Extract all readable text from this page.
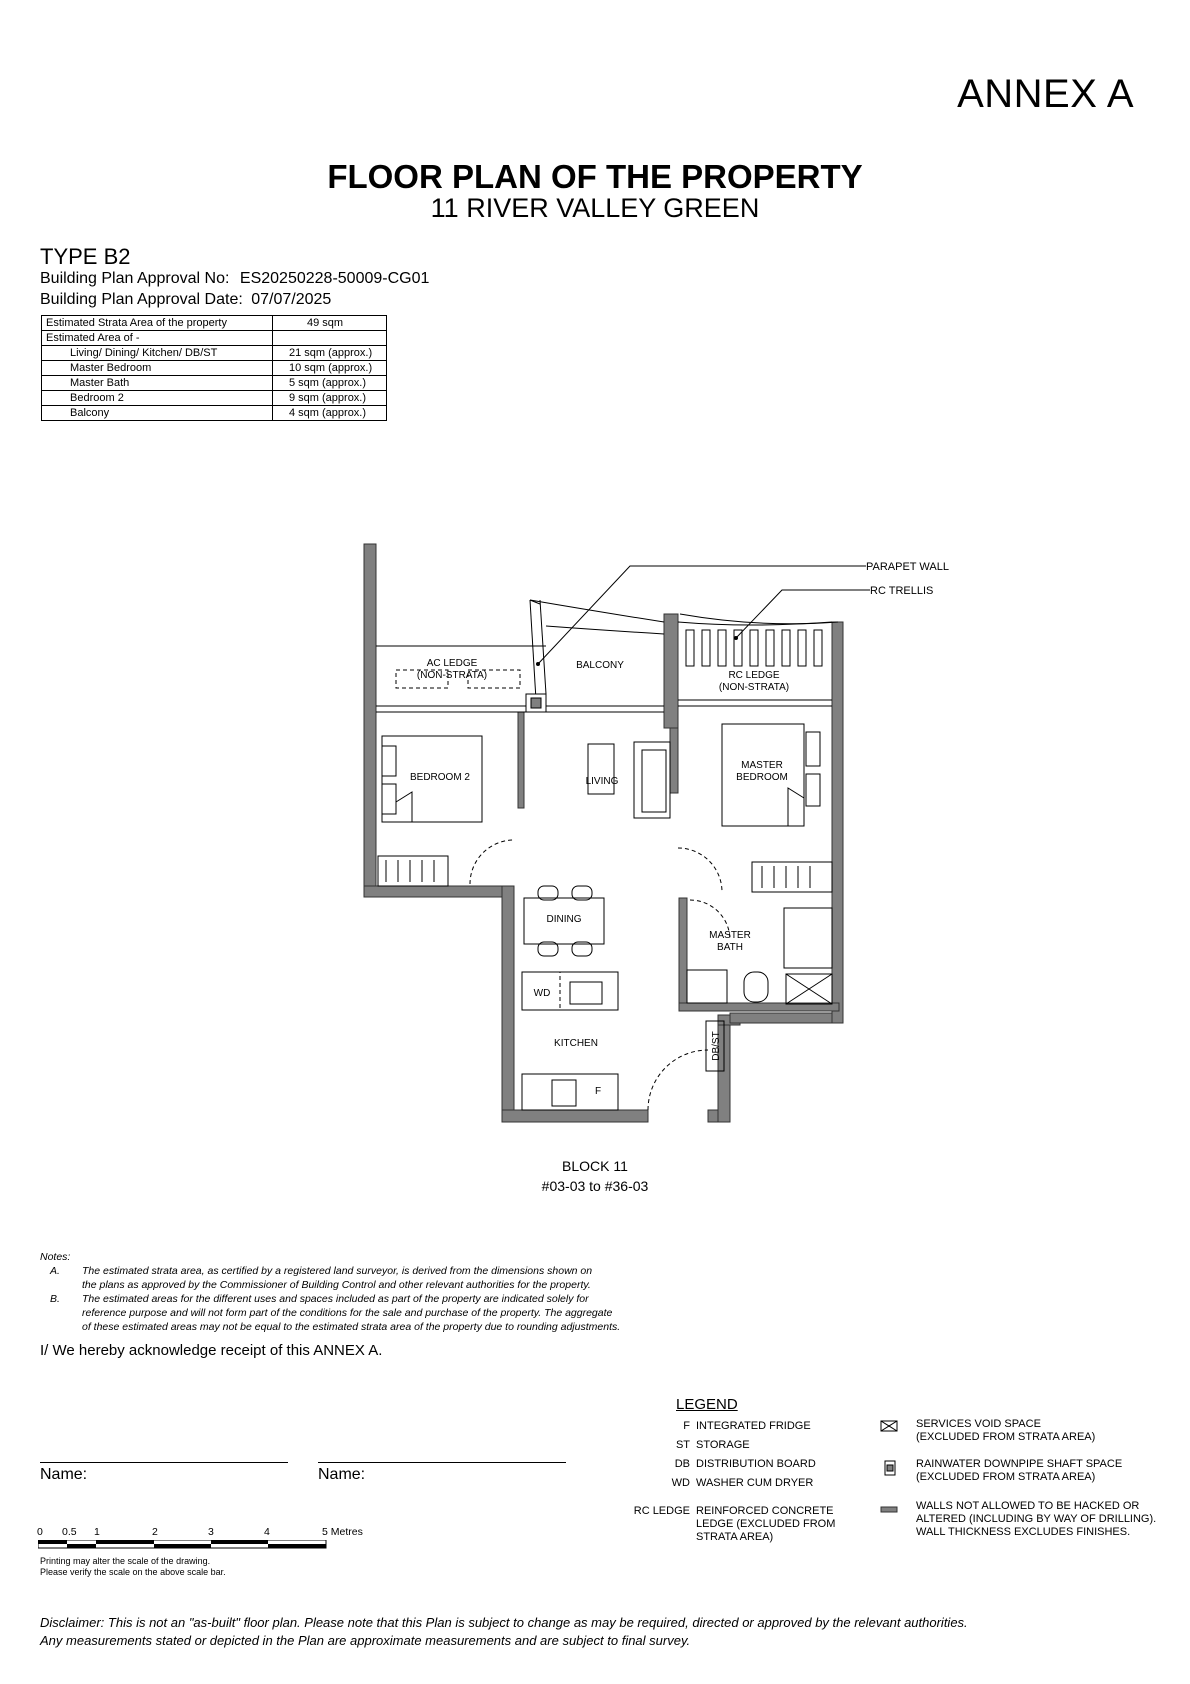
ANNEX A
FLOOR PLAN OF THE PROPERTY
11 RIVER VALLEY GREEN
TYPE B2
Building Plan Approval No: ES20250228-50009-CG01
Building Plan Approval Date: 07/07/2025
Estimated Strata Area of the property	49 sqm
Estimated Area of -	
Living/ Dining/ Kitchen/ DB/ST	21 sqm (approx.)
Master Bedroom	10 sqm (approx.)
Master Bath	5 sqm (approx.)
Bedroom 2	9 sqm (approx.)
Balcony	4 sqm (approx.)
PARAPET WALL
RC TRELLIS
AC LEDGE
(NON-STRATA)
BALCONY
RC LEDGE
(NON-STRATA)
BEDROOM 2	LIVING
MASTER
BEDROOM
DINING
MASTER
BATH
WD
KITCHEN
F
DB/ST
BLOCK 11
#03-03 to #36-03
Notes:
A.	The estimated strata area, as certified by a registered land surveyor, is derived from the dimensions shown on
the plans as approved by the Commissioner of Building Control and other relevant authorities for the property.
B.	The estimated areas for the different uses and spaces included as part of the property are indicated solely for
reference purpose and will not form part of the conditions for the sale and purchase of the property. The aggregate
of these estimated areas may not be equal to the estimated strata area of the property due to rounding adjustments.
I/ We hereby acknowledge receipt of this ANNEX A.
Name:	Name:
0 0.5 1	2	3	4	5 Metres
Printing may alter the scale of the drawing.
Please verify the scale on the above scale bar.
LEGEND
F INTEGRATED FRIDGE
ST STORAGE
DB DISTRIBUTION BOARD
WD WASHER CUM DRYER
RC LEDGE REINFORCED CONCRETE
LEDGE (EXCLUDED FROM
STRATA AREA)
SERVICES VOID SPACE
(EXCLUDED FROM STRATA AREA)
RAINWATER DOWNPIPE SHAFT SPACE
(EXCLUDED FROM STRATA AREA)
WALLS NOT ALLOWED TO BE HACKED OR
ALTERED (INCLUDING BY WAY OF DRILLING).
WALL THICKNESS EXCLUDES FINISHES.
Disclaimer: This is not an "as-built" floor plan. Please note that this Plan is subject to change as may be required, directed or approved by the relevant authorities.
Any measurements stated or depicted in the Plan are approximate measurements and are subject to final survey.
